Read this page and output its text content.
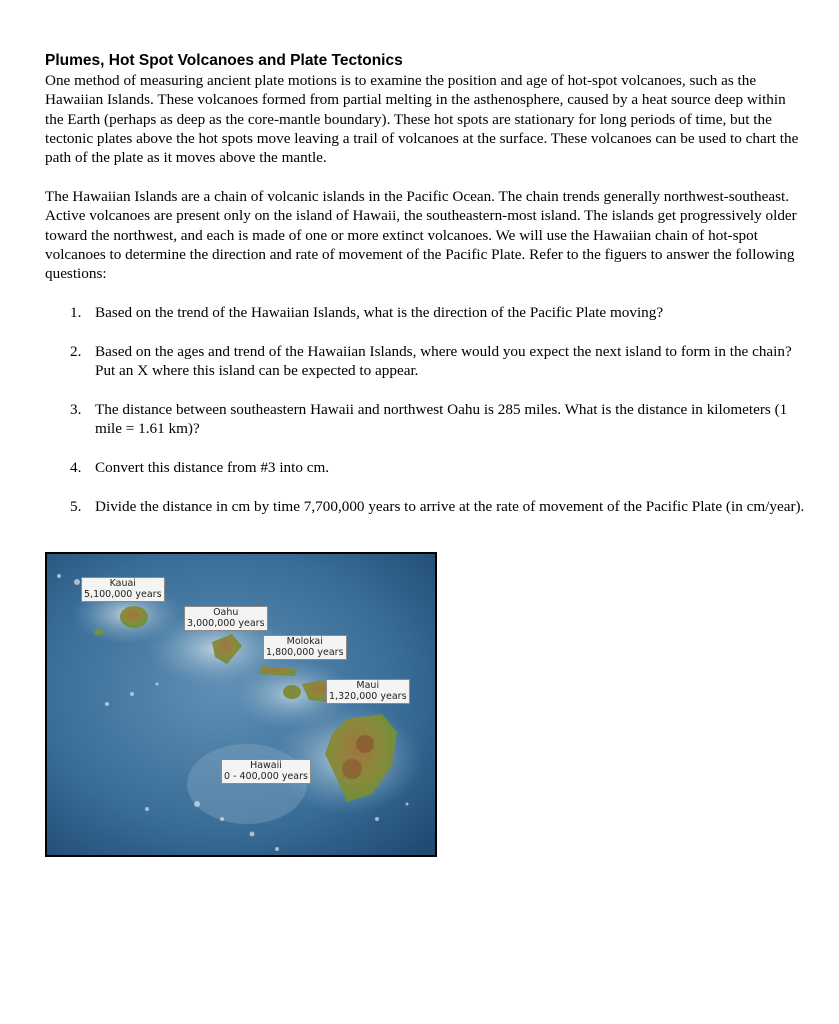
Plumes, Hot Spot Volcanoes and Plate Tectonics
One method of measuring ancient plate motions is to examine the position and age of hot-spot volcanoes, such as the Hawaiian Islands. These volcanoes formed from partial melting in the asthenosphere, caused by a heat source deep within the Earth (perhaps as deep as the core-mantle boundary). These hot spots are stationary for long periods of time, but the tectonic plates above the hot spots move leaving a trail of volcanoes at the surface. These volcanoes can be used to chart the path of the plate as it moves above the mantle.
The Hawaiian Islands are a chain of volcanic islands in the Pacific Ocean. The chain trends generally northwest-southeast. Active volcanoes are present only on the island of Hawaii, the southeastern-most island. The islands get progressively older toward the northwest, and each is made of one or more extinct volcanoes. We will use the Hawaiian chain of hot-spot volcanoes to determine the direction and rate of movement of the Pacific Plate. Refer to the figuers to answer the following questions:
1. Based on the trend of the Hawaiian Islands, what is the direction of the Pacific Plate moving?
2. Based on the ages and trend of the Hawaiian Islands, where would you expect the next island to form in the chain? Put an X where this island can be expected to appear.
3. The distance between southeastern Hawaii and northwest Oahu is 285 miles. What is the distance in kilometers (1 mile = 1.61 km)?
4. Convert this distance from #3 into cm.
5. Divide the distance in cm by time 7,700,000 years to arrive at the rate of movement of the Pacific Plate (in cm/year).
Kauai
5,100,000 years
Oahu
3,000,000 years
Molokai
1,800,000 years
Maui
1,320,000 years
Hawaii
0 - 400,000 years
